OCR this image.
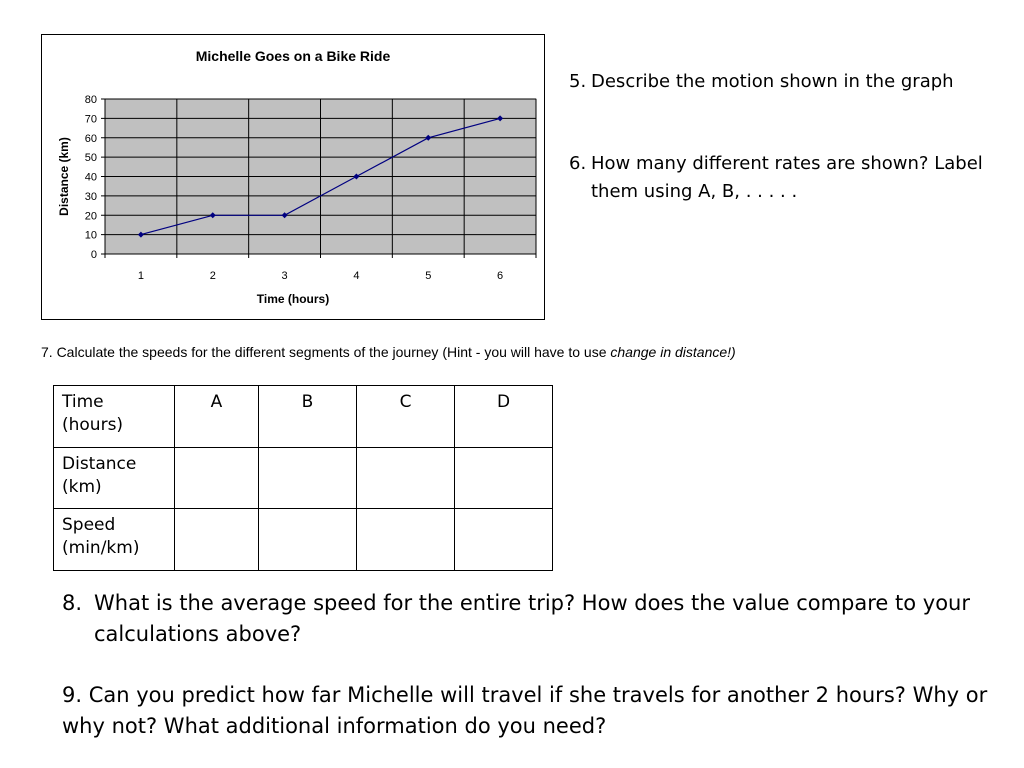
Michelle Goes on a Bike Ride
0
10
20
30
40
50
60
70
80
1	2	3	4	5	6
Time (hours)
Distance (km)
5. Describe the motion shown in the graph
6. How many different rates are shown? Label them using A, B, . . . . .

7. Calculate the speeds for the different segments of the journey (Hint - you will have to use change in distance!)

Time (hours)	A	B	C	D
Distance (km)				
Speed (min/km)				
8. What is the average speed for the entire trip? How does the value compare to your calculations above?

9. Can you predict how far Michelle will travel if she travels for another 2 hours? Why or why not? What additional information do you need?
